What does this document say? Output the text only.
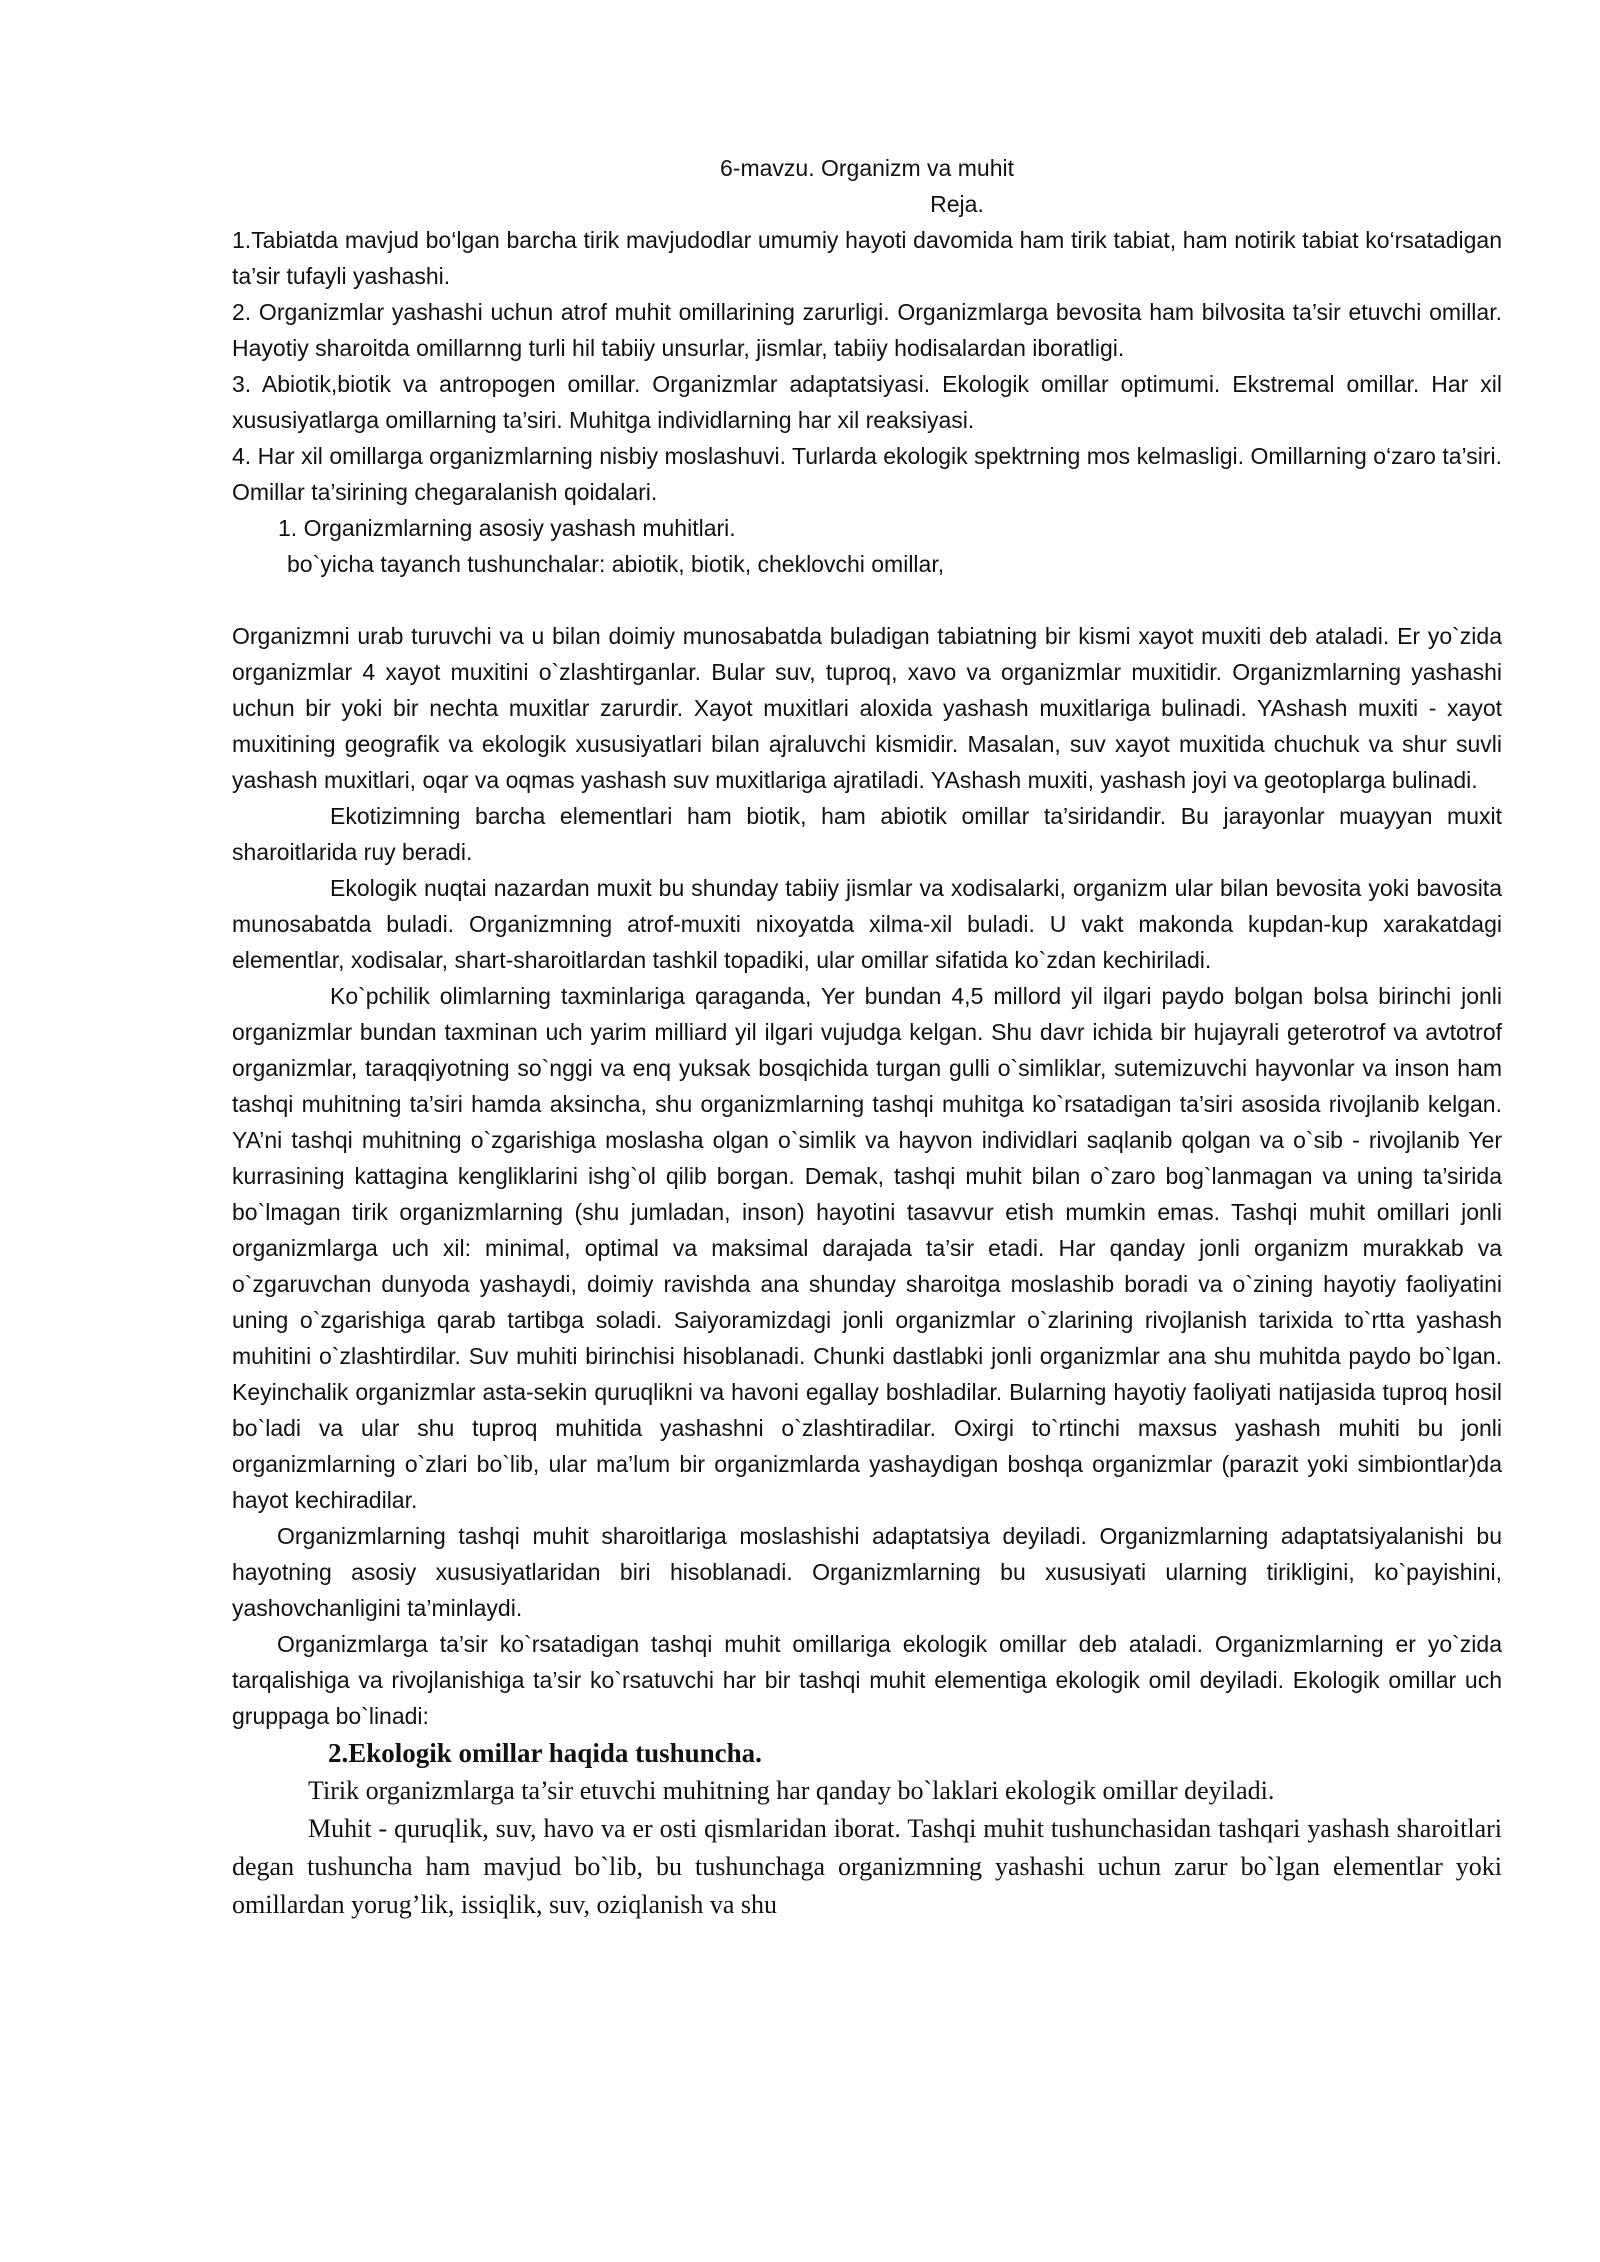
6-mavzu. Organizm va muhit
Reja.

1.Tabiatda mavjud bo‘lgan barcha tirik mavjudodlar umumiy hayoti davomida ham tirik tabiat, ham notirik tabiat ko‘rsatadigan ta’sir tufayli yashashi.

2. Organizmlar yashashi uchun atrof muhit omillarining zarurligi. Organizmlarga bevosita ham bilvosita ta’sir etuvchi omillar. Hayotiy sharoitda omillarnng turli hil tabiiy unsurlar, jismlar, tabiiy hodisalardan iboratligi.

3. Abiotik,biotik va antropogen omillar. Organizmlar adaptatsiyasi. Ekologik omillar optimumi. Ekstremal omillar. Har xil xususiyatlarga omillarning ta’siri. Muhitga individlarning har xil reaksiyasi.

4. Har xil omillarga organizmlarning nisbiy moslashuvi. Turlarda ekologik spektrning mos kelmasligi. Omillarning o‘zaro ta’siri. Omillar ta’sirining chegaralanish qoidalari.

1. Organizmlarning asosiy yashash muhitlari.

bo`yicha tayanch tushunchalar: abiotik, biotik, cheklovchi omillar,

Organizmni urab turuvchi va u bilan doimiy munosabatda buladigan tabiatning bir kismi xayot muxiti deb ataladi. Er yo`zida organizmlar 4 xayot muxitini o`zlashtirganlar. Bular suv, tuproq, xavo va organizmlar muxitidir. Organizmlarning yashashi uchun bir yoki bir nechta muxitlar zarurdir. Xayot muxitlari aloxida yashash muxitlariga bulinadi. YAshash muxiti - xayot muxitining geografik va ekologik xususiyatlari bilan ajraluvchi kismidir. Masalan, suv xayot muxitida chuchuk va shur suvli yashash muxitlari, oqar va oqmas yashash suv muxitlariga ajratiladi. YAshash muxiti, yashash joyi va geotoplarga bulinadi.

Ekotizimning barcha elementlari ham biotik, ham abiotik omillar ta’siridandir. Bu jarayonlar muayyan muxit sharoitlarida ruy beradi.

Ekologik nuqtai nazardan muxit bu shunday tabiiy jismlar va xodisalarki, organizm ular bilan bevosita yoki bavosita munosabatda buladi. Organizmning atrof-muxiti nixoyatda xilma-xil buladi. U vakt makonda kupdan-kup xarakatdagi elementlar, xodisalar, shart-sharoitlardan tashkil topadiki, ular omillar sifatida ko`zdan kechiriladi.

Ko`pchilik olimlarning taxminlariga qaraganda, Yer bundan 4,5 millord yil ilgari paydo bolgan bolsa birinchi jonli organizmlar bundan taxminan uch yarim milliard yil ilgari vujudga kelgan. Shu davr ichida bir hujayrali geterotrof va avtotrof organizmlar, taraqqiyotning so`nggi va enq yuksak bosqichida turgan gulli o`simliklar, sutemizuvchi hayvonlar va inson ham tashqi muhitning ta’siri hamda aksincha, shu organizmlarning tashqi muhitga ko`rsatadigan ta’siri asosida rivojlanib kelgan. YA’ni tashqi muhitning o`zgarishiga moslasha olgan o`simlik va hayvon individlari saqlanib qolgan va o`sib - rivojlanib Yer kurrasining kattagina kengliklarini ishg`ol qilib borgan. Demak, tashqi muhit bilan o`zaro bog`lanmagan va uning ta’sirida bo`lmagan tirik organizmlarning (shu jumladan, inson) hayotini tasavvur etish mumkin emas. Tashqi muhit omillari jonli organizmlarga uch xil: minimal, optimal va maksimal darajada ta’sir etadi. Har qanday jonli organizm murakkab va o`zgaruvchan dunyoda yashaydi, doimiy ravishda ana shunday sharoitga moslashib boradi va o`zining hayotiy faoliyatini uning o`zgarishiga qarab tartibga soladi. Saiyoramizdagi jonli organizmlar o`zlarining rivojlanish tarixida to`rtta yashash muhitini o`zlashtirdilar. Suv muhiti birinchisi hisoblanadi. Chunki dastlabki jonli organizmlar ana shu muhitda paydo bo`lgan. Keyinchalik organizmlar asta-sekin quruqlikni va havoni egallay boshladilar. Bularning hayotiy faoliyati natijasida tuproq hosil bo`ladi va ular shu tuproq muhitida yashashni o`zlashtiradilar. Oxirgi to`rtinchi maxsus yashash muhiti bu jonli organizmlarning o`zlari bo`lib, ular ma’lum bir organizmlarda yashaydigan boshqa organizmlar (parazit yoki simbiontlar)da hayot kechiradilar.

Organizmlarning tashqi muhit sharoitlariga moslashishi adaptatsiya deyiladi. Organizmlarning adaptatsiyalanishi bu hayotning asosiy xususiyatlaridan biri hisoblanadi. Organizmlarning bu xususiyati ularning tirikligini, ko`payishini, yashovchanligini ta’minlaydi.

Organizmlarga ta’sir ko`rsatadigan tashqi muhit omillariga ekologik omillar deb ataladi. Organizmlarning er yo`zida tarqalishiga va rivojlanishiga ta’sir ko`rsatuvchi har bir tashqi muhit elementiga ekologik omil deyiladi. Ekologik omillar uch gruppaga bo`linadi:

2.Ekologik omillar haqida tushuncha.

Tirik organizmlarga ta’sir etuvchi muhitning har qanday bo`laklari ekologik omillar deyiladi.

Muhit - quruqlik, suv, havo va er osti qismlaridan iborat. Tashqi muhit tushunchasidan tashqari yashash sharoitlari degan tushuncha ham mavjud bo`lib, bu tushunchaga organizmning yashashi uchun zarur bo`lgan elementlar yoki omillardan yorug’lik, issiqlik, suv, oziqlanish va shu
